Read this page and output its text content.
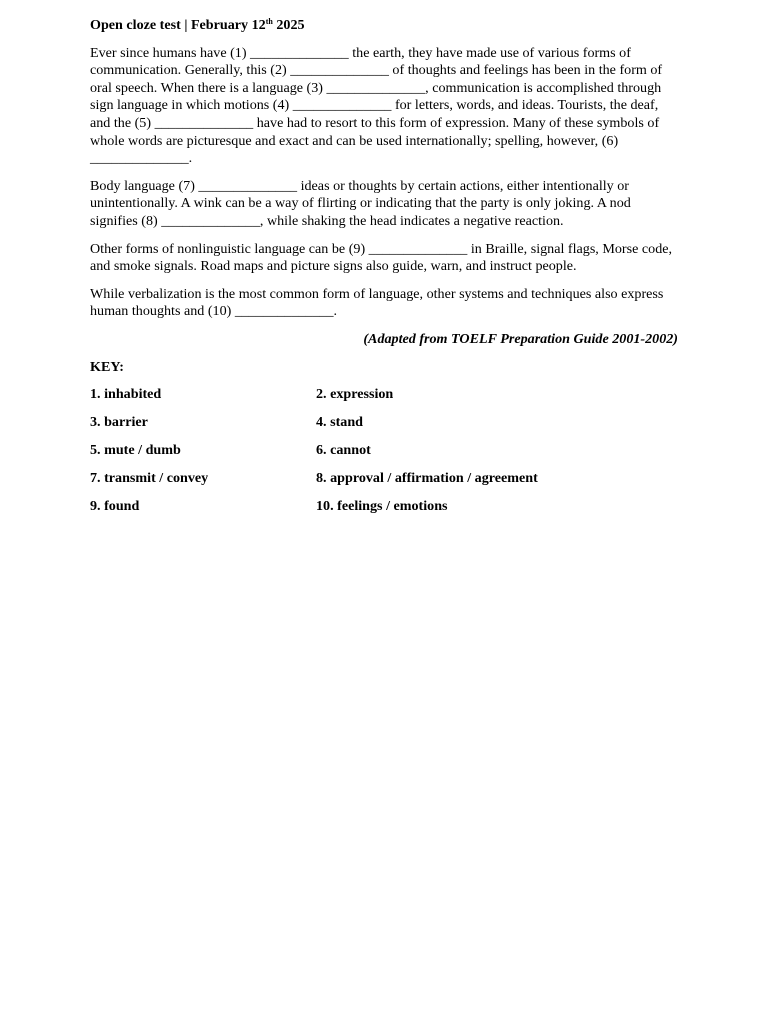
Open cloze test | February 12th 2025

Ever since humans have (1) ______________ the earth, they have made use of various forms of communication. Generally, this (2) ______________ of thoughts and feelings has been in the form of oral speech. When there is a language (3) ______________, communication is accomplished through sign language in which motions (4) ______________ for letters, words, and ideas. Tourists, the deaf, and the (5) ______________ have had to resort to this form of expression. Many of these symbols of whole words are picturesque and exact and can be used internationally; spelling, however, (6) ______________.

Body language (7) ______________ ideas or thoughts by certain actions, either intentionally or unintentionally. A wink can be a way of flirting or indicating that the party is only joking. A nod signifies (8) ______________, while shaking the head indicates a negative reaction.

Other forms of nonlinguistic language can be (9) ______________ in Braille, signal flags, Morse code, and smoke signals. Road maps and picture signs also guide, warn, and instruct people.

While verbalization is the most common form of language, other systems and techniques also express human thoughts and (10) ______________.

(Adapted from TOELF Preparation Guide 2001-2002)

KEY:

1. inhabited	2. expression
3. barrier	4. stand
5. mute / dumb	6. cannot
7. transmit / convey	8. approval / affirmation / agreement
9. found	10. feelings / emotions
